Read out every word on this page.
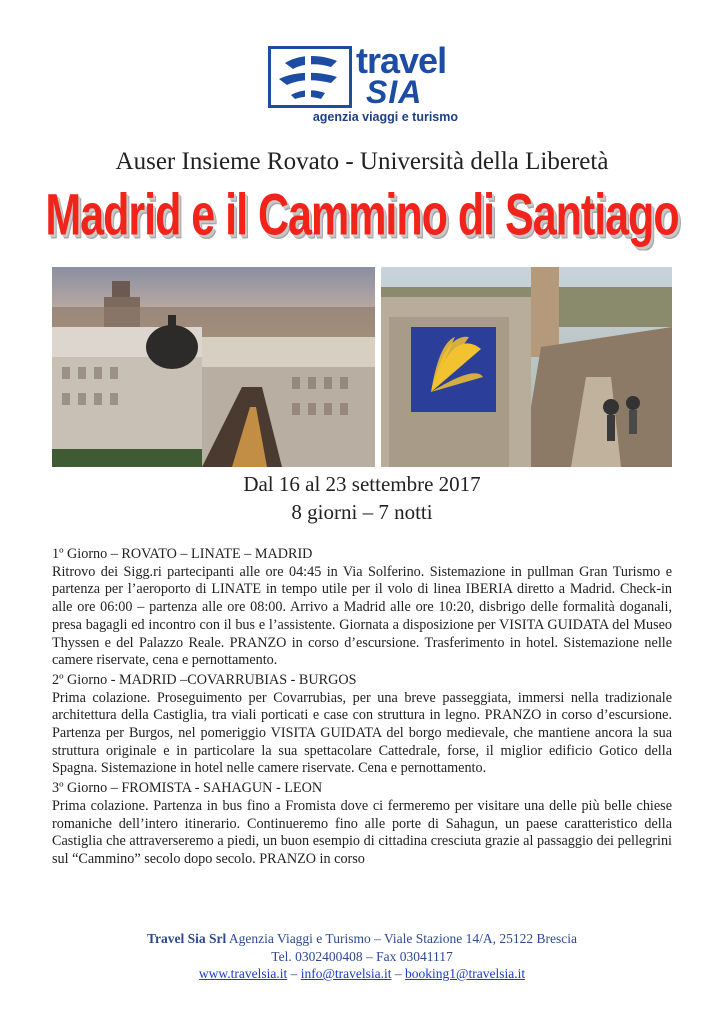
travel
SIA
agenzia viaggi e turismo
Auser Insieme Rovato - Università della Liberetà
Madrid e il Cammino di Santiago
Dal 16 al 23 settembre 2017
8 giorni – 7 notti
1º Giorno – ROVATO – LINATE – MADRID
Ritrovo dei Sigg.ri partecipanti alle ore 04:45 in Via Solferino. Sistemazione in pullman Gran Turismo e partenza per l’aeroporto di LINATE in tempo utile per il volo di linea IBERIA diretto a Madrid. Check-in alle ore 06:00 – partenza alle ore 08:00. Arrivo a Madrid alle ore 10:20, disbrigo delle formalità doganali, presa bagagli ed incontro con il bus e l’assistente. Giornata a disposizione per VISITA GUIDATA del Museo Thyssen e del Palazzo Reale. PRANZO in corso d’escursione. Trasferimento in hotel. Sistemazione nelle camere riservate, cena e pernottamento.
2º Giorno - MADRID –COVARRUBIAS - BURGOS
Prima colazione. Proseguimento per Covarrubias, per una breve passeggiata, immersi nella tradizionale architettura della Castiglia, tra viali porticati e case con struttura in legno. PRANZO in corso d’escursione. Partenza per Burgos, nel pomeriggio VISITA GUIDATA del borgo medievale, che mantiene ancora la sua struttura originale e in particolare la sua spettacolare Cattedrale, forse, il miglior edificio Gotico della Spagna. Sistemazione in hotel nelle camere riservate. Cena e pernottamento.
3º Giorno – FROMISTA - SAHAGUN - LEON
Prima colazione. Partenza in bus fino a Fromista dove ci fermeremo per visitare una delle più belle chiese romaniche dell’intero itinerario. Continueremo fino alle porte di Sahagun, un paese caratteristico della Castiglia che attraverseremo a piedi, un buon esempio di cittadina cresciuta grazie al passaggio dei pellegrini sul “Cammino” secolo dopo secolo. PRANZO in corso
Travel Sia Srl Agenzia Viaggi e Turismo – Viale Stazione 14/A, 25122 Brescia
Tel. 0302400408 – Fax 03041117
www.travelsia.it – info@travelsia.it – booking1@travelsia.it
